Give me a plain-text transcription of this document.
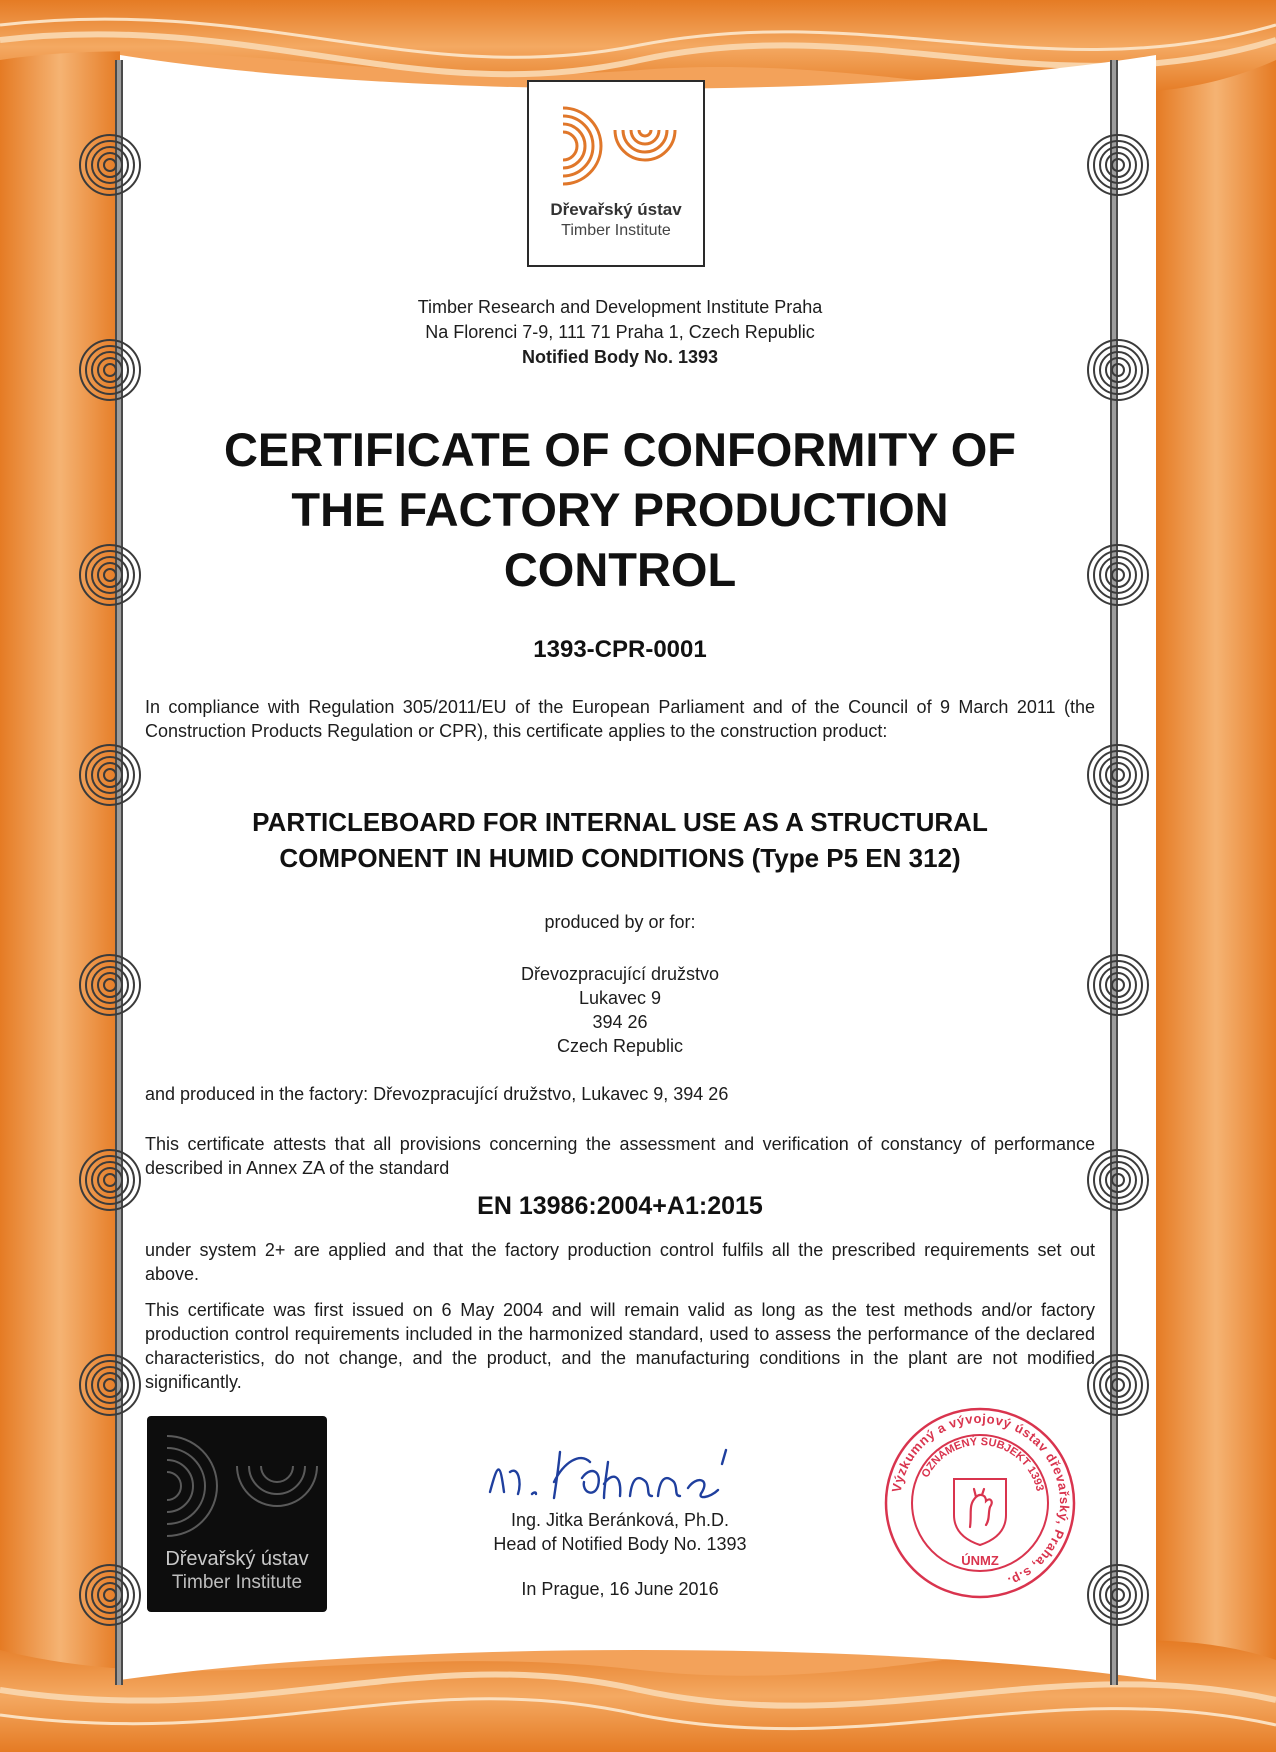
Dřevařský ústav
Timber Institute
Timber Research and Development Institute Praha
Na Florenci 7-9, 111 71 Praha 1, Czech Republic
Notified Body No. 1393
CERTIFICATE OF CONFORMITY OF
THE FACTORY PRODUCTION
CONTROL
1393-CPR-0001
In compliance with Regulation 305/2011/EU of the European Parliament and of the Council of 9 March 2011 (the Construction Products Regulation or CPR), this certificate applies to the construction product:
PARTICLEBOARD FOR INTERNAL USE AS A STRUCTURAL
COMPONENT IN HUMID CONDITIONS (Type P5 EN 312)
produced by or for:
Dřevozpracující družstvo
Lukavec 9
394 26
Czech Republic
and produced in the factory: Dřevozpracující družstvo, Lukavec 9, 394 26
This certificate attests that all provisions concerning the assessment and verification of constancy of performance described in Annex ZA of the standard
EN 13986:2004+A1:2015
under system 2+ are applied and that the factory production control fulfils all the prescribed requirements set out above.
This certificate was first issued on 6 May 2004 and will remain valid as long as the test methods and/or factory production control requirements included in the harmonized standard, used to assess the performance of the declared characteristics, do not change, and the product, and the manufacturing conditions in the plant are not modified significantly.
Dřevařský ústav
Timber Institute
Ing. Jitka Beránková, Ph.D.
Head of Notified Body No. 1393
In Prague, 16 June 2016
Výzkumný a vývojový ústav dřevařský, Praha, s.p.
OZNÁMENÝ SUBJEKT 1393
ÚNMZ
